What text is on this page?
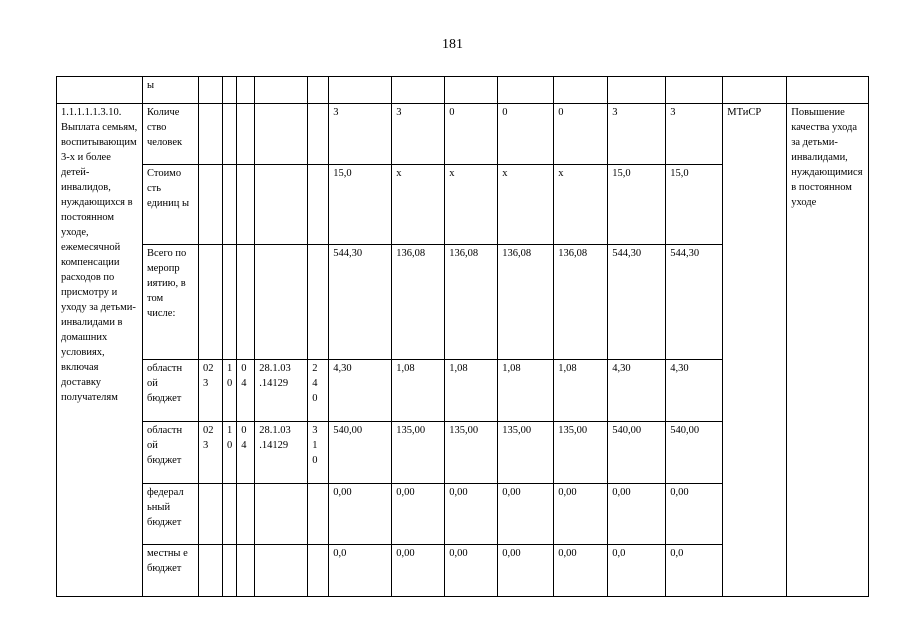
181
	ы														
1.1.1.1.1.3.10. Выплата семьям, воспитывающим 3-х и более детей-инвалидов, нуждающихся в постоянном уходе, ежемесячной компенсации расходов по присмотру и уходу за детьми-инвалидами в домашних условиях, включая доставку получателям	Количе ство человек						3	3	0	0	0	3	3	МТиСР	Повышение качества ухода за детьми-инвалидами, нуждающимися в постоянном уходе
	Стоимо сть единиц ы						15,0	х	х	х	х	15,0	15,0		
	Всего по меропр иятию, в том числе:						544,30	136,08	136,08	136,08	136,08	544,30	544,30		
	областн ой бюджет	02 3	1 0	0 4	28.1.03 .14129	2 4 0	4,30	1,08	1,08	1,08	1,08	4,30	4,30		
	областн ой бюджет	02 3	1 0	0 4	28.1.03 .14129	3 1 0	540,00	135,00	135,00	135,00	135,00	540,00	540,00		
	федерал ьный бюджет						0,00	0,00	0,00	0,00	0,00	0,00	0,00		
	местны е бюджет						0,0	0,00	0,00	0,00	0,00	0,0	0,0		
